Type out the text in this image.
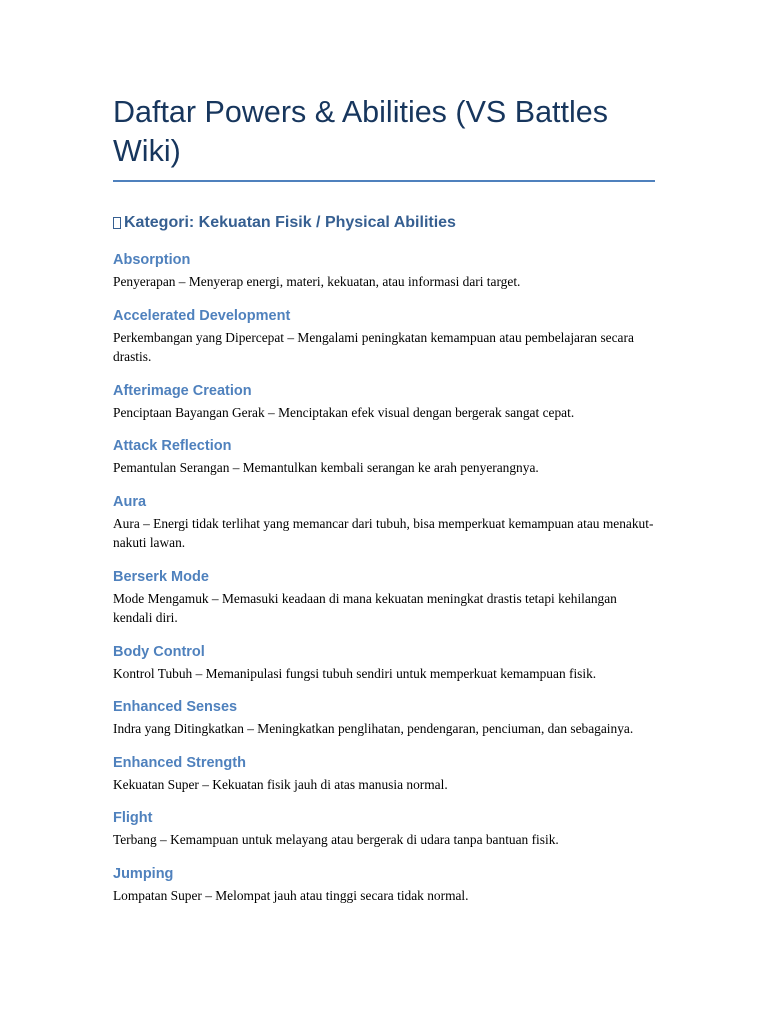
Daftar Powers & Abilities (VS Battles Wiki)
Kategori: Kekuatan Fisik / Physical Abilities
Absorption

Penyerapan – Menyerap energi, materi, kekuatan, atau informasi dari target.

Accelerated Development

Perkembangan yang Dipercepat – Mengalami peningkatan kemampuan atau pembelajaran secara drastis.

Afterimage Creation

Penciptaan Bayangan Gerak – Menciptakan efek visual dengan bergerak sangat cepat.

Attack Reflection

Pemantulan Serangan – Memantulkan kembali serangan ke arah penyerangnya.

Aura

Aura – Energi tidak terlihat yang memancar dari tubuh, bisa memperkuat kemampuan atau menakut-nakuti lawan.

Berserk Mode

Mode Mengamuk – Memasuki keadaan di mana kekuatan meningkat drastis tetapi kehilangan kendali diri.

Body Control

Kontrol Tubuh – Memanipulasi fungsi tubuh sendiri untuk memperkuat kemampuan fisik.

Enhanced Senses

Indra yang Ditingkatkan – Meningkatkan penglihatan, pendengaran, penciuman, dan sebagainya.

Enhanced Strength

Kekuatan Super – Kekuatan fisik jauh di atas manusia normal.

Flight

Terbang – Kemampuan untuk melayang atau bergerak di udara tanpa bantuan fisik.

Jumping

Lompatan Super – Melompat jauh atau tinggi secara tidak normal.
